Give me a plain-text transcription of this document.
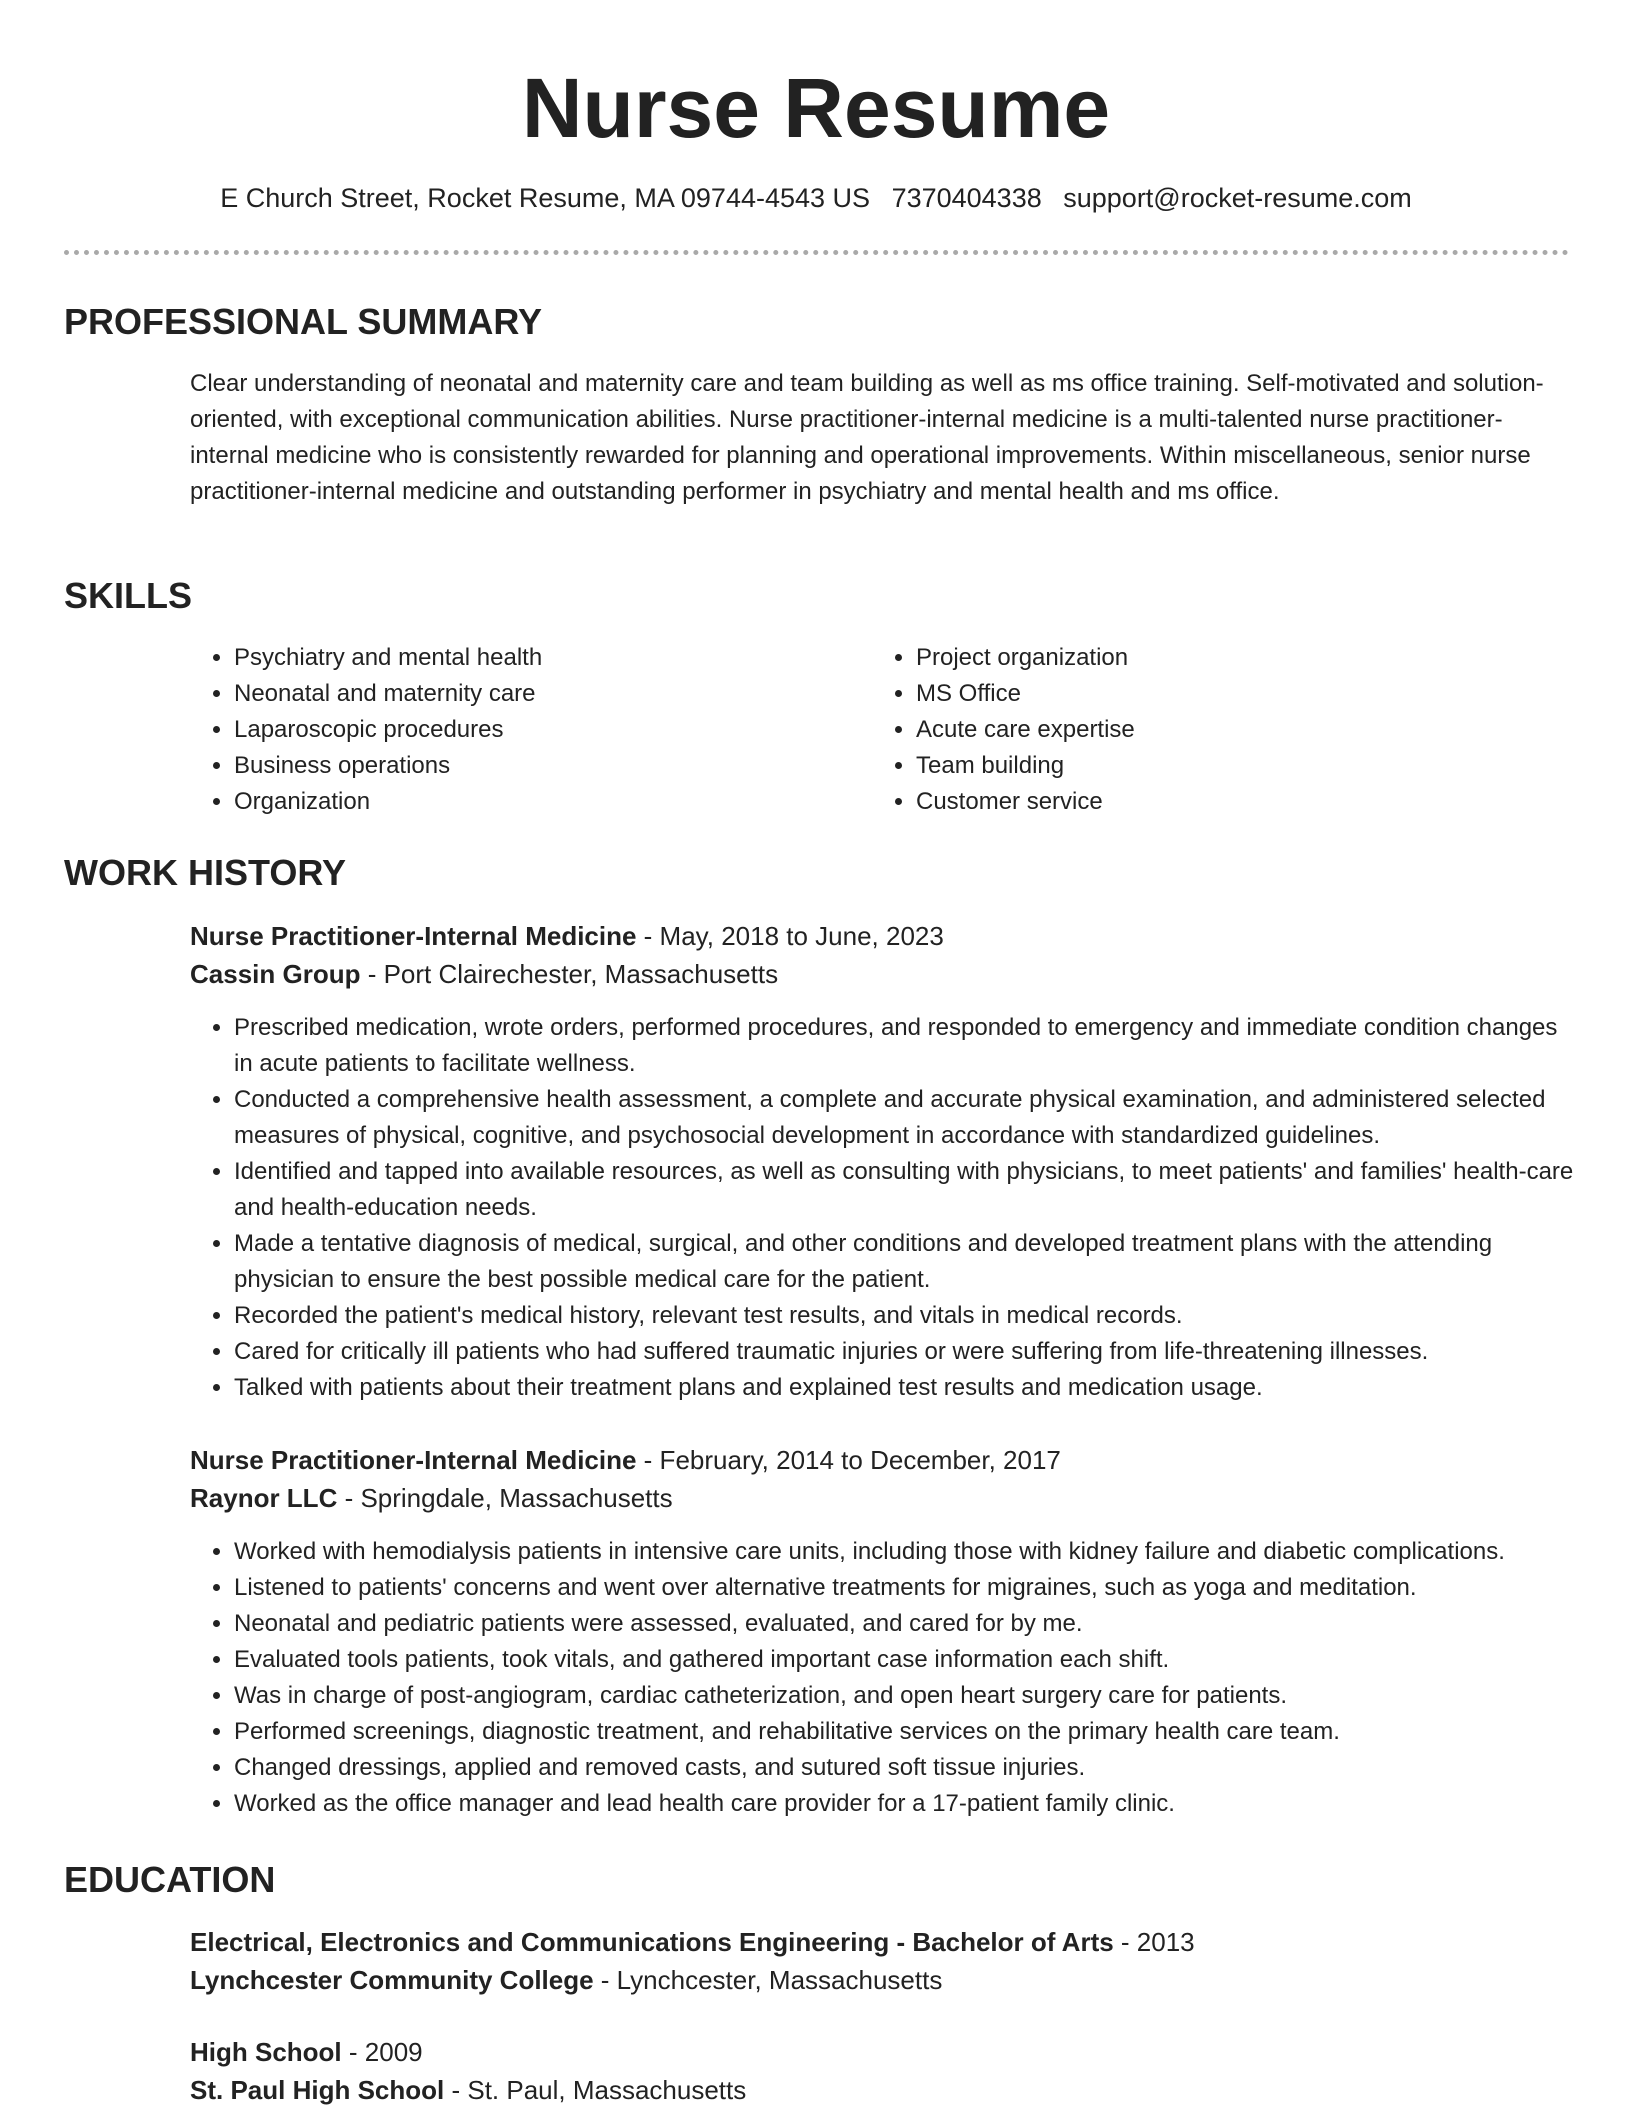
Nurse Resume
E Church Street, Rocket Resume, MA 09744-4543 US 7370404338 support@rocket-resume.com
PROFESSIONAL SUMMARY

Clear understanding of neonatal and maternity care and team building as well as ms office training. Self-motivated and solution-oriented, with exceptional communication abilities. Nurse practitioner-internal medicine is a multi-talented nurse practitioner-internal medicine who is consistently rewarded for planning and operational improvements. Within miscellaneous, senior nurse practitioner-internal medicine and outstanding performer in psychiatry and mental health and ms office.

SKILLS
• Psychiatry and mental health
• Neonatal and maternity care
• Laparoscopic procedures
• Business operations
• Organization
• Project organization
• MS Office
• Acute care expertise
• Team building
• Customer service
WORK HISTORY

Nurse Practitioner-Internal Medicine - May, 2018 to June, 2023

Cassin Group - Port Clairechester, Massachusetts

• Prescribed medication, wrote orders, performed procedures, and responded to emergency and immediate condition changes in acute patients to facilitate wellness.
• Conducted a comprehensive health assessment, a complete and accurate physical examination, and administered selected measures of physical, cognitive, and psychosocial development in accordance with standardized guidelines.
• Identified and tapped into available resources, as well as consulting with physicians, to meet patients' and families' health-care and health-education needs.
• Made a tentative diagnosis of medical, surgical, and other conditions and developed treatment plans with the attending physician to ensure the best possible medical care for the patient.
• Recorded the patient's medical history, relevant test results, and vitals in medical records.
• Cared for critically ill patients who had suffered traumatic injuries or were suffering from life-threatening illnesses.
• Talked with patients about their treatment plans and explained test results and medication usage.

Nurse Practitioner-Internal Medicine - February, 2014 to December, 2017

Raynor LLC - Springdale, Massachusetts

• Worked with hemodialysis patients in intensive care units, including those with kidney failure and diabetic complications.
• Listened to patients' concerns and went over alternative treatments for migraines, such as yoga and meditation.
• Neonatal and pediatric patients were assessed, evaluated, and cared for by me.
• Evaluated tools patients, took vitals, and gathered important case information each shift.
• Was in charge of post-angiogram, cardiac catheterization, and open heart surgery care for patients.
• Performed screenings, diagnostic treatment, and rehabilitative services on the primary health care team.
• Changed dressings, applied and removed casts, and sutured soft tissue injuries.
• Worked as the office manager and lead health care provider for a 17-patient family clinic.
EDUCATION

Electrical, Electronics and Communications Engineering - Bachelor of Arts - 2013

Lynchcester Community College - Lynchcester, Massachusetts

High School - 2009

St. Paul High School - St. Paul, Massachusetts
